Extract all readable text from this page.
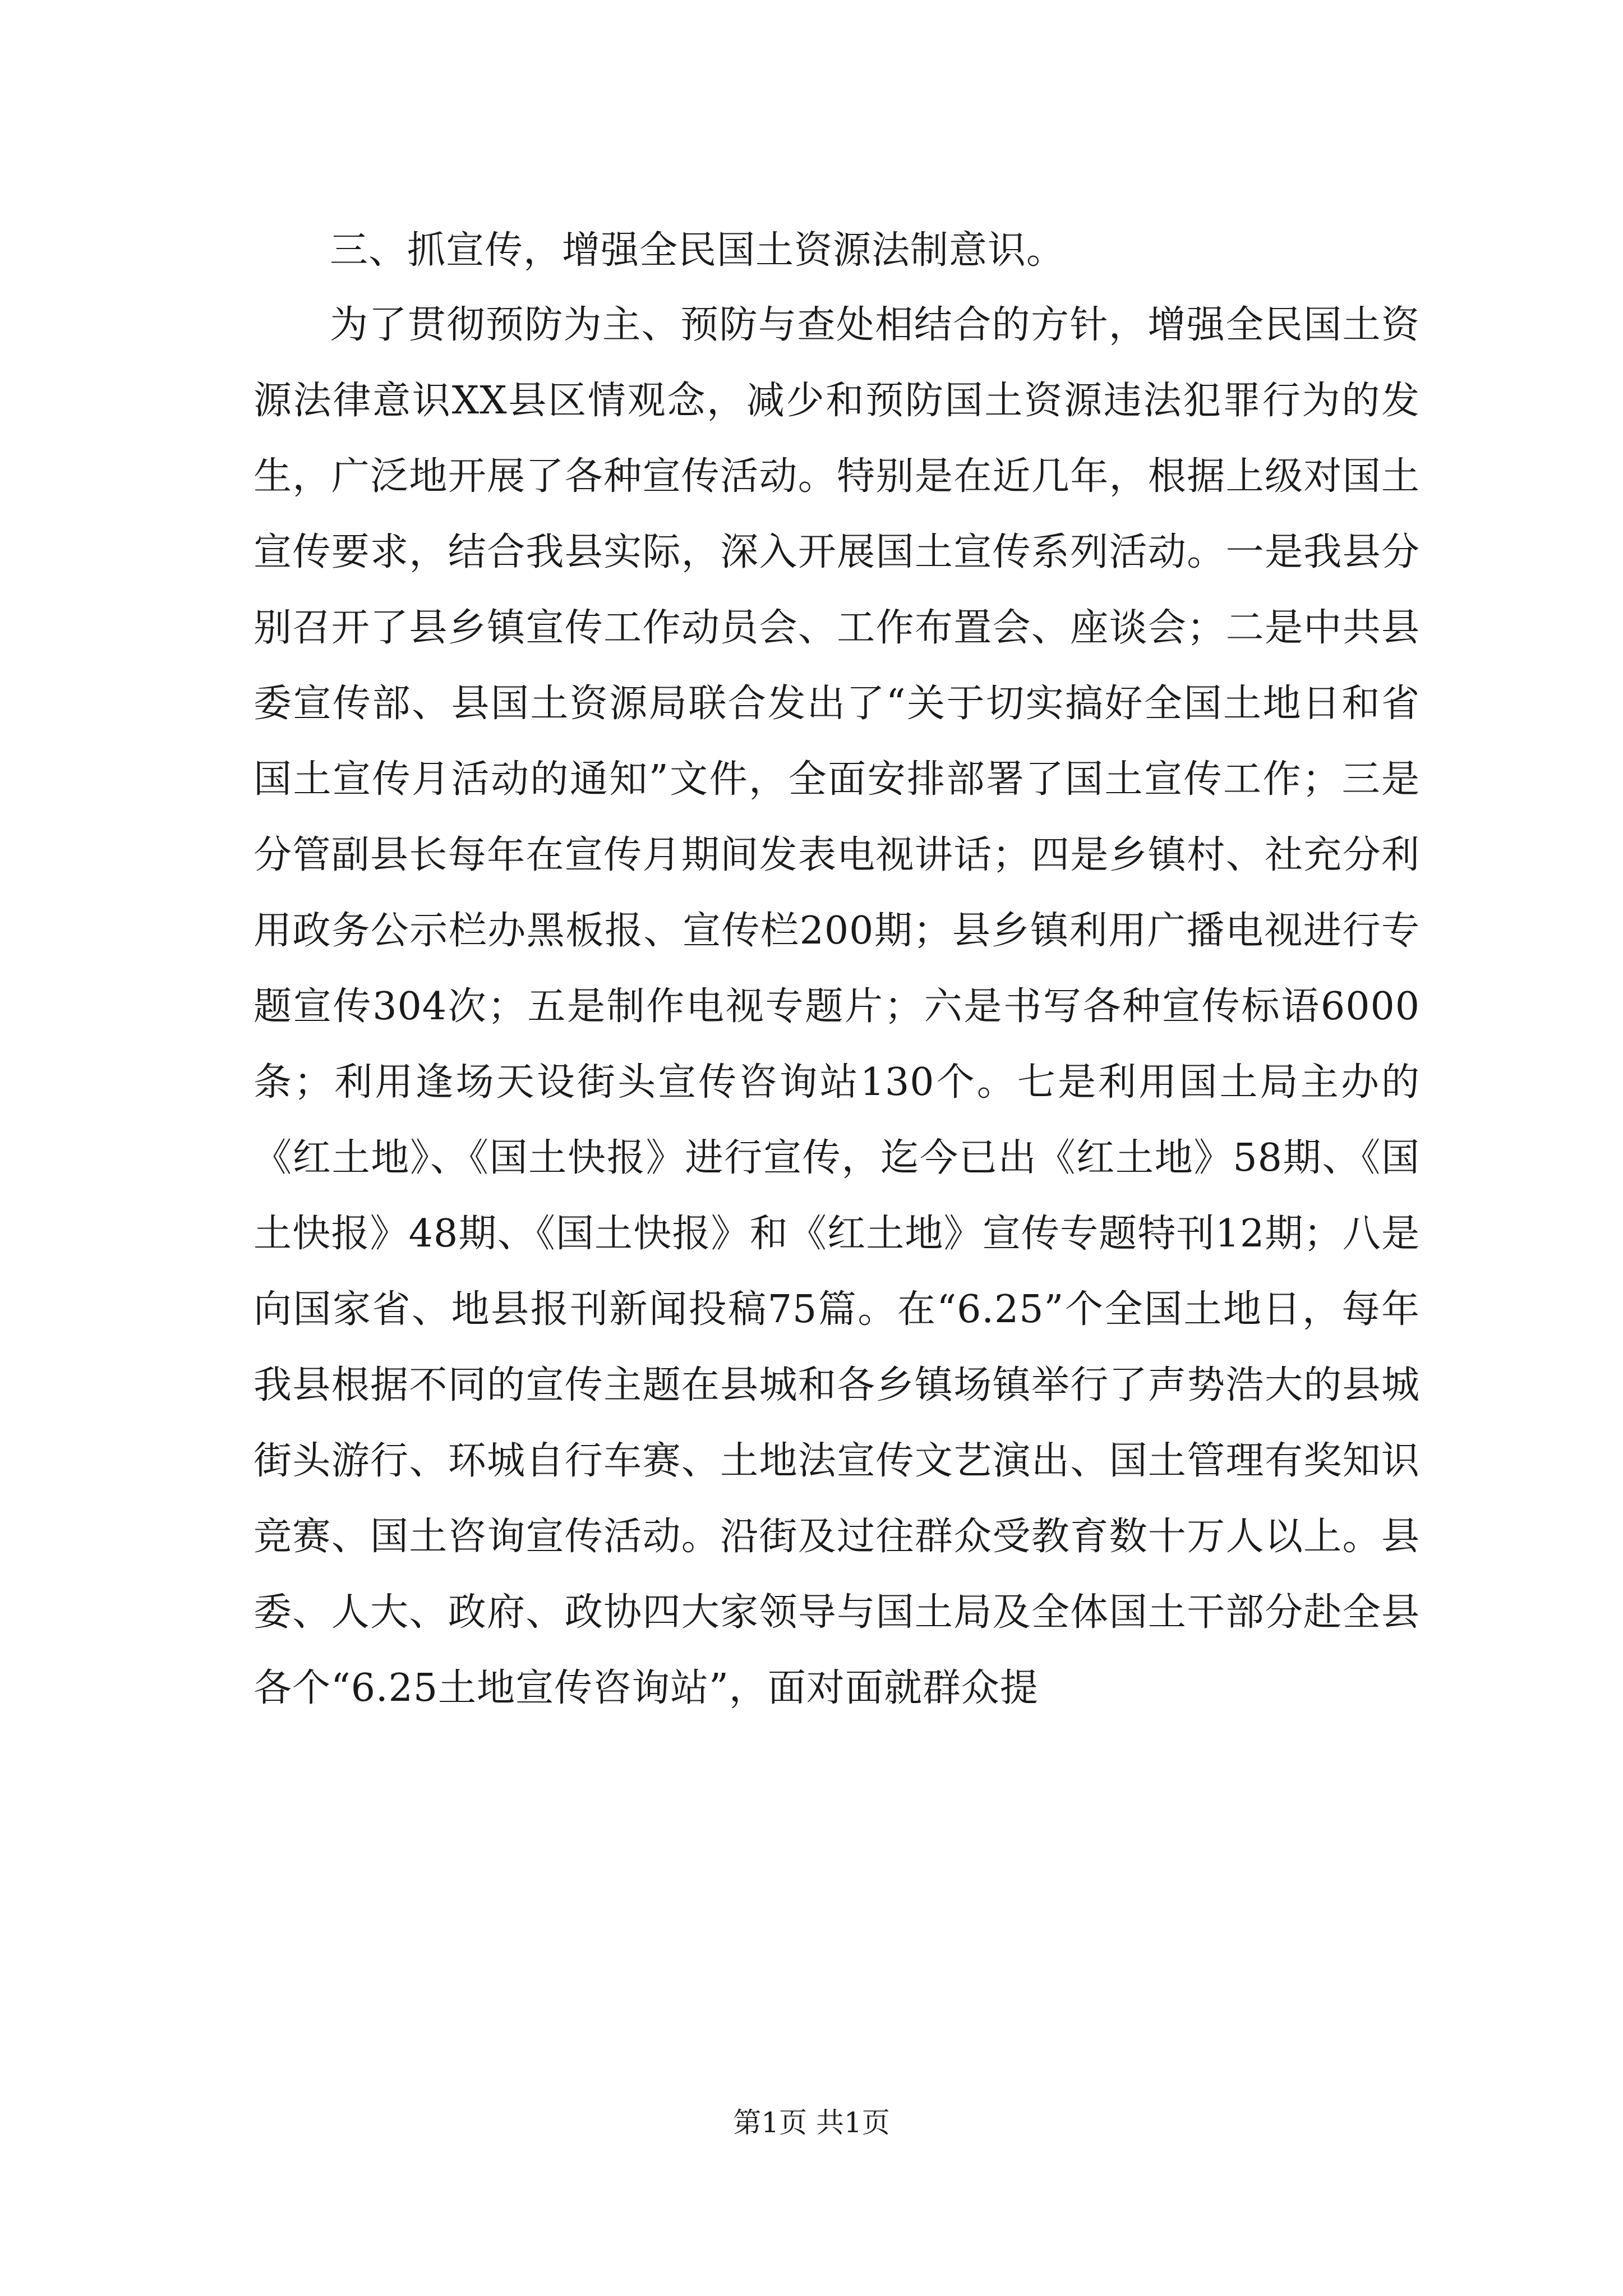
三、抓宣传，增强全民国土资源法制意识。

为了贯彻预防为主、预防与查处相结合的方针，增强全民国土资源法律意识XX县区情观念，减少和预防国土资源违法犯罪行为的发生，广泛地开展了各种宣传活动。特别是在近几年，根据上级对国土宣传要求，结合我县实际，深入开展国土宣传系列活动。一是我县分别召开了县乡镇宣传工作动员会、工作布置会、座谈会；二是中共县委宣传部、县国土资源局联合发出了“关于切实搞好全国土地日和省国土宣传月活动的通知”文件，全面安排部署了国土宣传工作；三是分管副县长每年在宣传月期间发表电视讲话；四是乡镇村、社充分利用政务公示栏办黑板报、宣传栏200期；县乡镇利用广播电视进行专题宣传304次；五是制作电视专题片；六是书写各种宣传标语6000条；利用逢场天设街头宣传咨询站130个。七是利用国土局主办的《红土地》、《国土快报》进行宣传，迄今已出《红土地》58期、《国土快报》48期、《国土快报》和《红土地》宣传专题特刊12期；八是向国家省、地县报刊新闻投稿75篇。在“6.25”个全国土地日，每年我县根据不同的宣传主题在县城和各乡镇场镇举行了声势浩大的县城街头游行、环城自行车赛、土地法宣传文艺演出、国土管理有奖知识竞赛、国土咨询宣传活动。沿街及过往群众受教育数十万人以上。县委、人大、政府、政协四大家领导与国土局及全体国土干部分赴全县各个“6.25土地宣传咨询站”，面对面就群众提

第1页 共1页
